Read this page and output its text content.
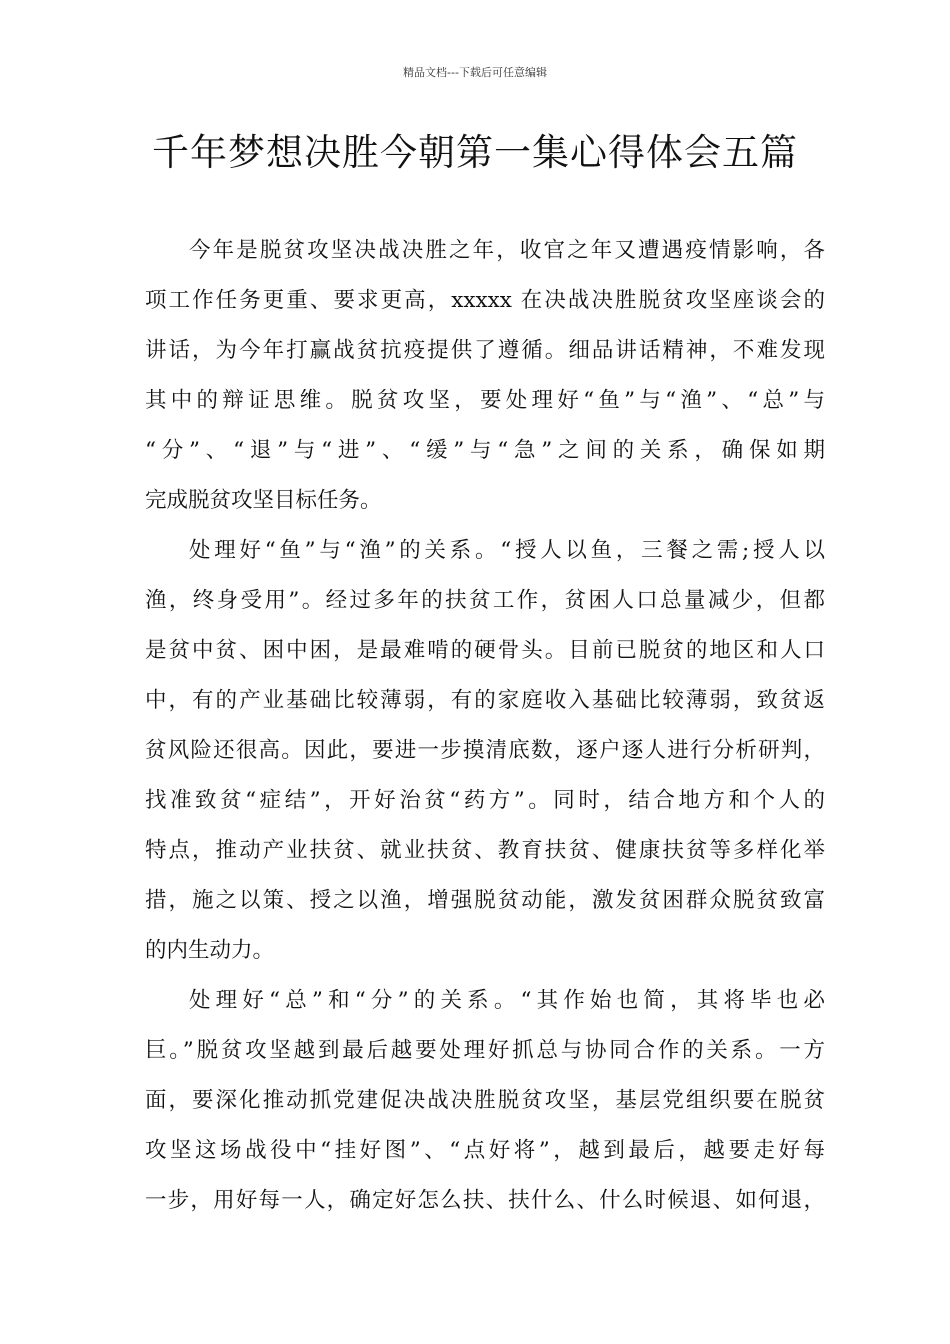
精品文档---下载后可任意编辑
千年梦想决胜今朝第一集心得体会五篇
今年是脱贫攻坚决战决胜之年，收官之年又遭遇疫情影响，各
项工作任务更重、要求更高，xxxxx 在决战决胜脱贫攻坚座谈会的
讲话，为今年打赢战贫抗疫提供了遵循。细品讲话精神，不难发现
其中的辩证思维。脱贫攻坚，要处理好“鱼”与“渔”、“总”与
“分”、“退”与“进”、“缓”与“急”之间的关系，确保如期
完成脱贫攻坚目标任务。
处理好“鱼”与“渔”的关系。“授人以鱼，三餐之需;授人以
渔，终身受用”。经过多年的扶贫工作，贫困人口总量减少，但都
是贫中贫、困中困，是最难啃的硬骨头。目前已脱贫的地区和人口
中，有的产业基础比较薄弱，有的家庭收入基础比较薄弱，致贫返
贫风险还很高。因此，要进一步摸清底数，逐户逐人进行分析研判，
找准致贫“症结”，开好治贫“药方”。同时，结合地方和个人的
特点，推动产业扶贫、就业扶贫、教育扶贫、健康扶贫等多样化举
措，施之以策、授之以渔，增强脱贫动能，激发贫困群众脱贫致富
的内生动力。
处理好“总”和“分”的关系。“其作始也简，其将毕也必
巨。”脱贫攻坚越到最后越要处理好抓总与协同合作的关系。一方
面，要深化推动抓党建促决战决胜脱贫攻坚，基层党组织要在脱贫
攻坚这场战役中“挂好图”、“点好将”，越到最后，越要走好每
一步，用好每一人，确定好怎么扶、扶什么、什么时候退、如何退，
